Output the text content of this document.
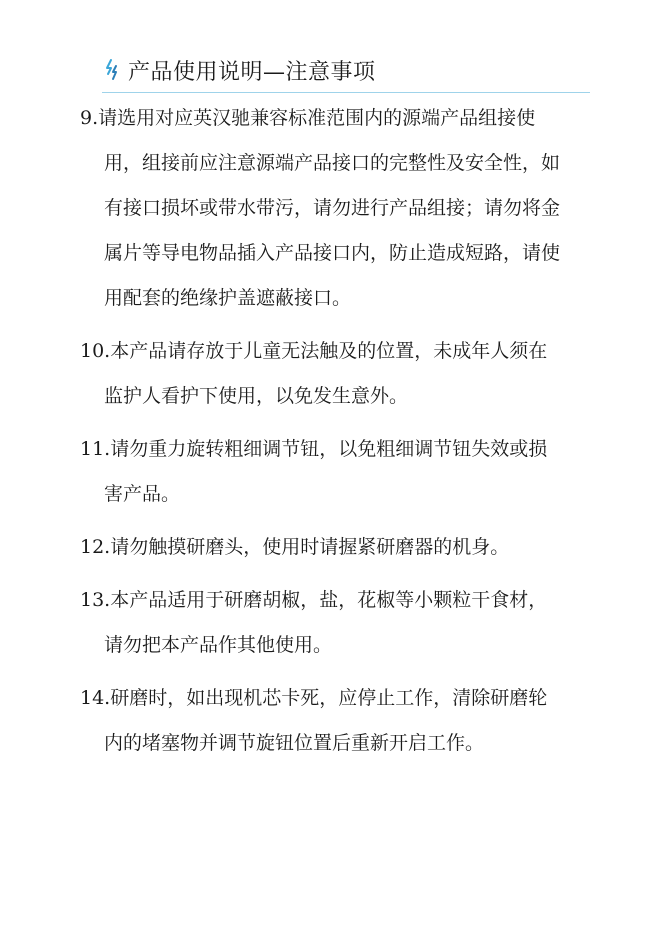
产品使用说明—注意事项
9.请选用对应英汉驰兼容标准范围内的源端产品组接使
用，组接前应注意源端产品接口的完整性及安全性，如
有接口损坏或带水带污，请勿进行产品组接；请勿将金
属片等导电物品插入产品接口内，防止造成短路，请使
用配套的绝缘护盖遮蔽接口。
10.本产品请存放于儿童无法触及的位置，未成年人须在
监护人看护下使用，以免发生意外。
11.请勿重力旋转粗细调节钮，以免粗细调节钮失效或损
害产品。
12.请勿触摸研磨头，使用时请握紧研磨器的机身。
13.本产品适用于研磨胡椒，盐，花椒等小颗粒干食材，
请勿把本产品作其他使用。
14.研磨时，如出现机芯卡死，应停止工作，清除研磨轮
内的堵塞物并调节旋钮位置后重新开启工作。
